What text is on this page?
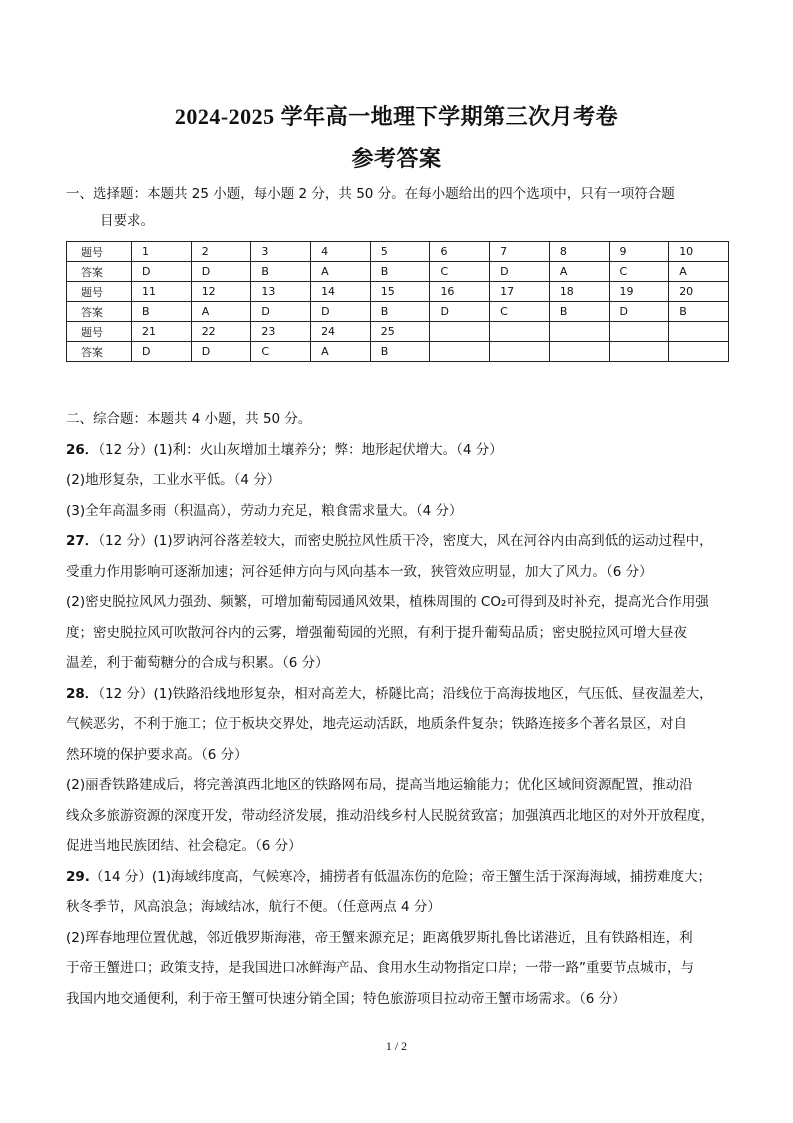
2024-2025 学年高一地理下学期第三次月考卷
参考答案
一、选择题：本题共 25 小题，每小题 2 分，共 50 分。在每小题给出的四个选项中，只有一项符合题
目要求。
题号	1	2	3	4	5	6	7	8	9	10
答案	D	D	B	A	B	C	D	A	C	A
题号	11	12	13	14	15	16	17	18	19	20
答案	B	A	D	D	B	D	C	B	D	B
题号	21	22	23	24	25					
答案	D	D	C	A	B					

二、综合题：本题共 4 小题，共 50 分。

26．（12 分）(1)利：火山灰增加土壤养分；弊：地形起伏增大。（4 分）

(2)地形复杂，工业水平低。（4 分）

(3)全年高温多雨（积温高），劳动力充足，粮食需求量大。（4 分）

27．（12 分）(1)罗讷河谷落差较大，而密史脱拉风性质干冷，密度大，风在河谷内由高到低的运动过程中，

受重力作用影响可逐渐加速；河谷延伸方向与风向基本一致，狭管效应明显，加大了风力。（6 分）

(2)密史脱拉风风力强劲、频繁，可增加葡萄园通风效果，植株周围的 CO₂可得到及时补充，提高光合作用强

度；密史脱拉风可吹散河谷内的云雾，增强葡萄园的光照，有利于提升葡萄品质；密史脱拉风可增大昼夜

温差，利于葡萄糖分的合成与积累。（6 分）

28．（12 分）(1)铁路沿线地形复杂，相对高差大，桥隧比高；沿线位于高海拔地区，气压低、昼夜温差大，

气候恶劣，不利于施工；位于板块交界处，地壳运动活跃，地质条件复杂；铁路连接多个著名景区，对自

然环境的保护要求高。（6 分）

(2)丽香铁路建成后，将完善滇西北地区的铁路网布局，提高当地运输能力；优化区域间资源配置，推动沿

线众多旅游资源的深度开发，带动经济发展，推动沿线乡村人民脱贫致富；加强滇西北地区的对外开放程度，

促进当地民族团结、社会稳定。（6 分）

29.（14 分）(1)海域纬度高，气候寒冷，捕捞者有低温冻伤的危险；帝王蟹生活于深海海域，捕捞难度大；

秋冬季节，风高浪急；海域结冰，航行不便。（任意两点 4 分）

(2)珲春地理位置优越，邻近俄罗斯海港，帝王蟹来源充足；距离俄罗斯扎鲁比诺港近，且有铁路相连，利

于帝王蟹进口；政策支持，是我国进口冰鲜海产品、食用水生动物指定口岸；一带一路”重要节点城市，与

我国内地交通便利，利于帝王蟹可快速分销全国；特色旅游项目拉动帝王蟹市场需求。（6 分）

1 / 2
